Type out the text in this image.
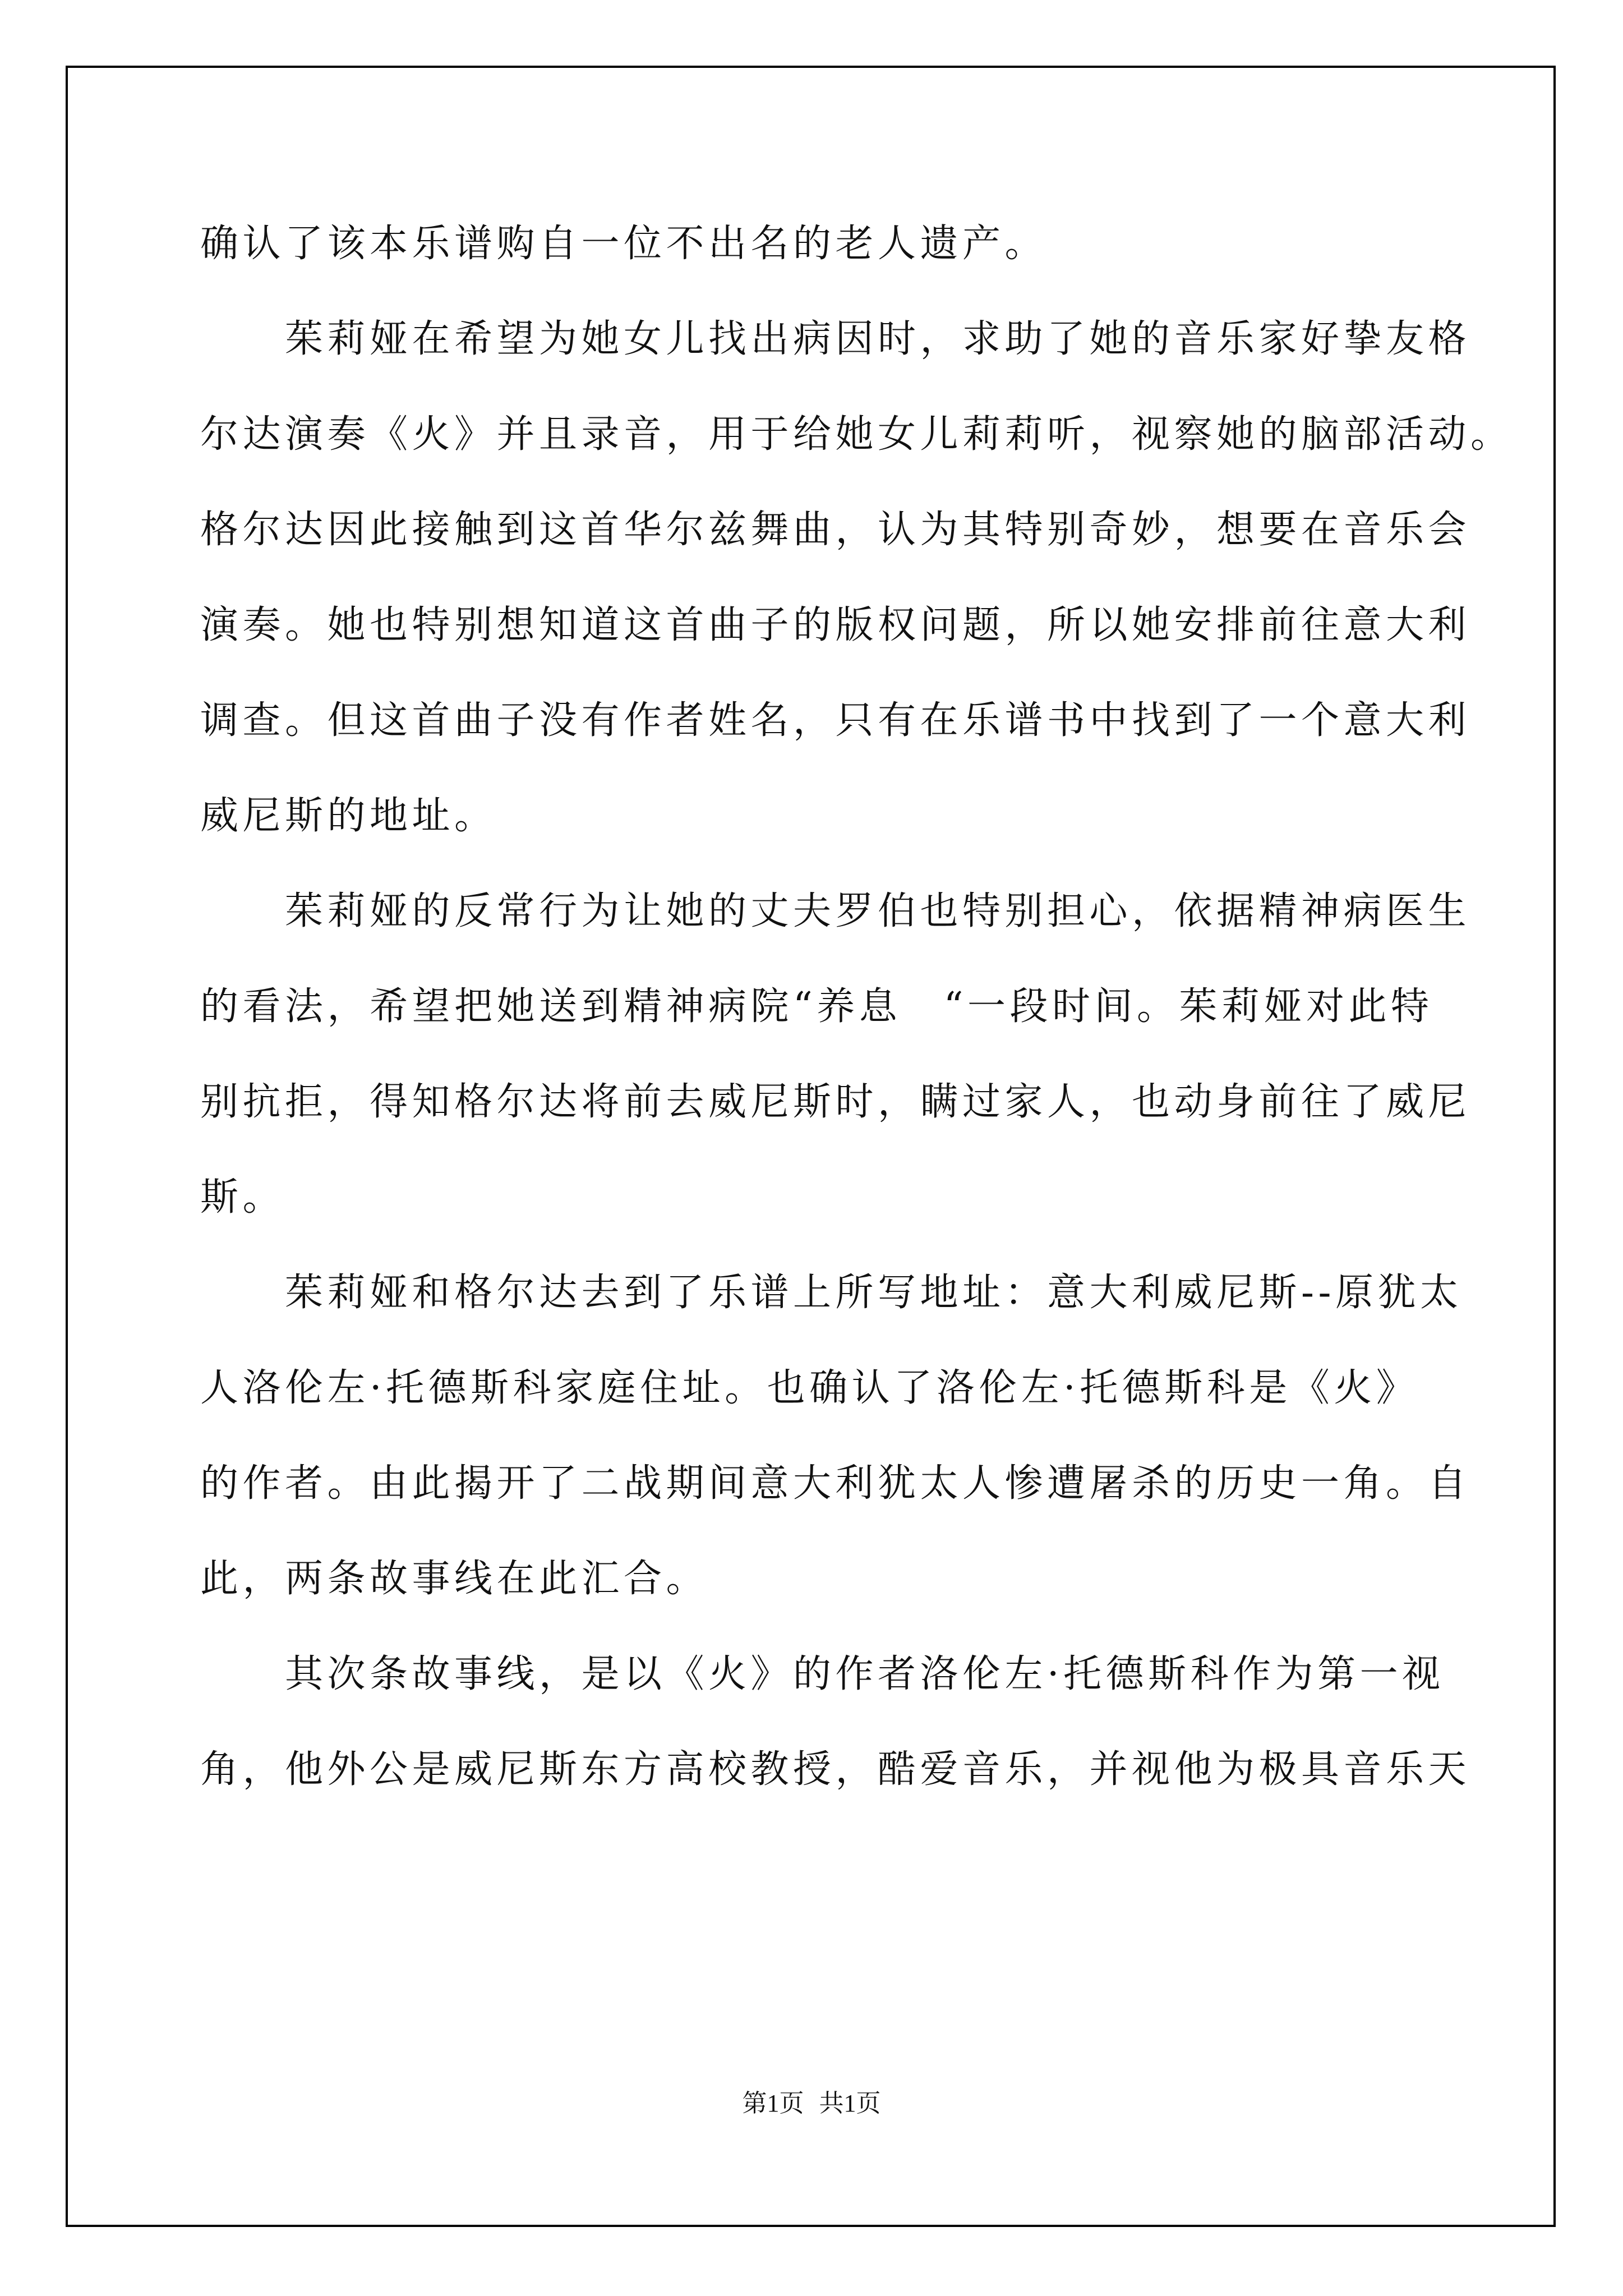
确认了该本乐谱购自一位不出名的老人遗产。
　　茱莉娅在希望为她女儿找出病因时，求助了她的音乐家好挚友格
尔达演奏《火》并且录音，用于给她女儿莉莉听，视察她的脑部活动。
格尔达因此接触到这首华尔兹舞曲，认为其特别奇妙，想要在音乐会
演奏。她也特别想知道这首曲子的版权问题，所以她安排前往意大利
调查。但这首曲子没有作者姓名，只有在乐谱书中找到了一个意大利
威尼斯的地址。
　　茱莉娅的反常行为让她的丈夫罗伯也特别担心，依据精神病医生
的看法，希望把她送到精神病院“养息　“一段时间。茱莉娅对此特
别抗拒，得知格尔达将前去威尼斯时，瞒过家人，也动身前往了威尼
斯。
　　茱莉娅和格尔达去到了乐谱上所写地址：意大利威尼斯--原犹太
人洛伦左·托德斯科家庭住址。也确认了洛伦左·托德斯科是《火》
的作者。由此揭开了二战期间意大利犹太人惨遭屠杀的历史一角。自
此，两条故事线在此汇合。
　　其次条故事线，是以《火》的作者洛伦左·托德斯科作为第一视
角，他外公是威尼斯东方高校教授，酷爱音乐，并视他为极具音乐天
第1页 共1页
